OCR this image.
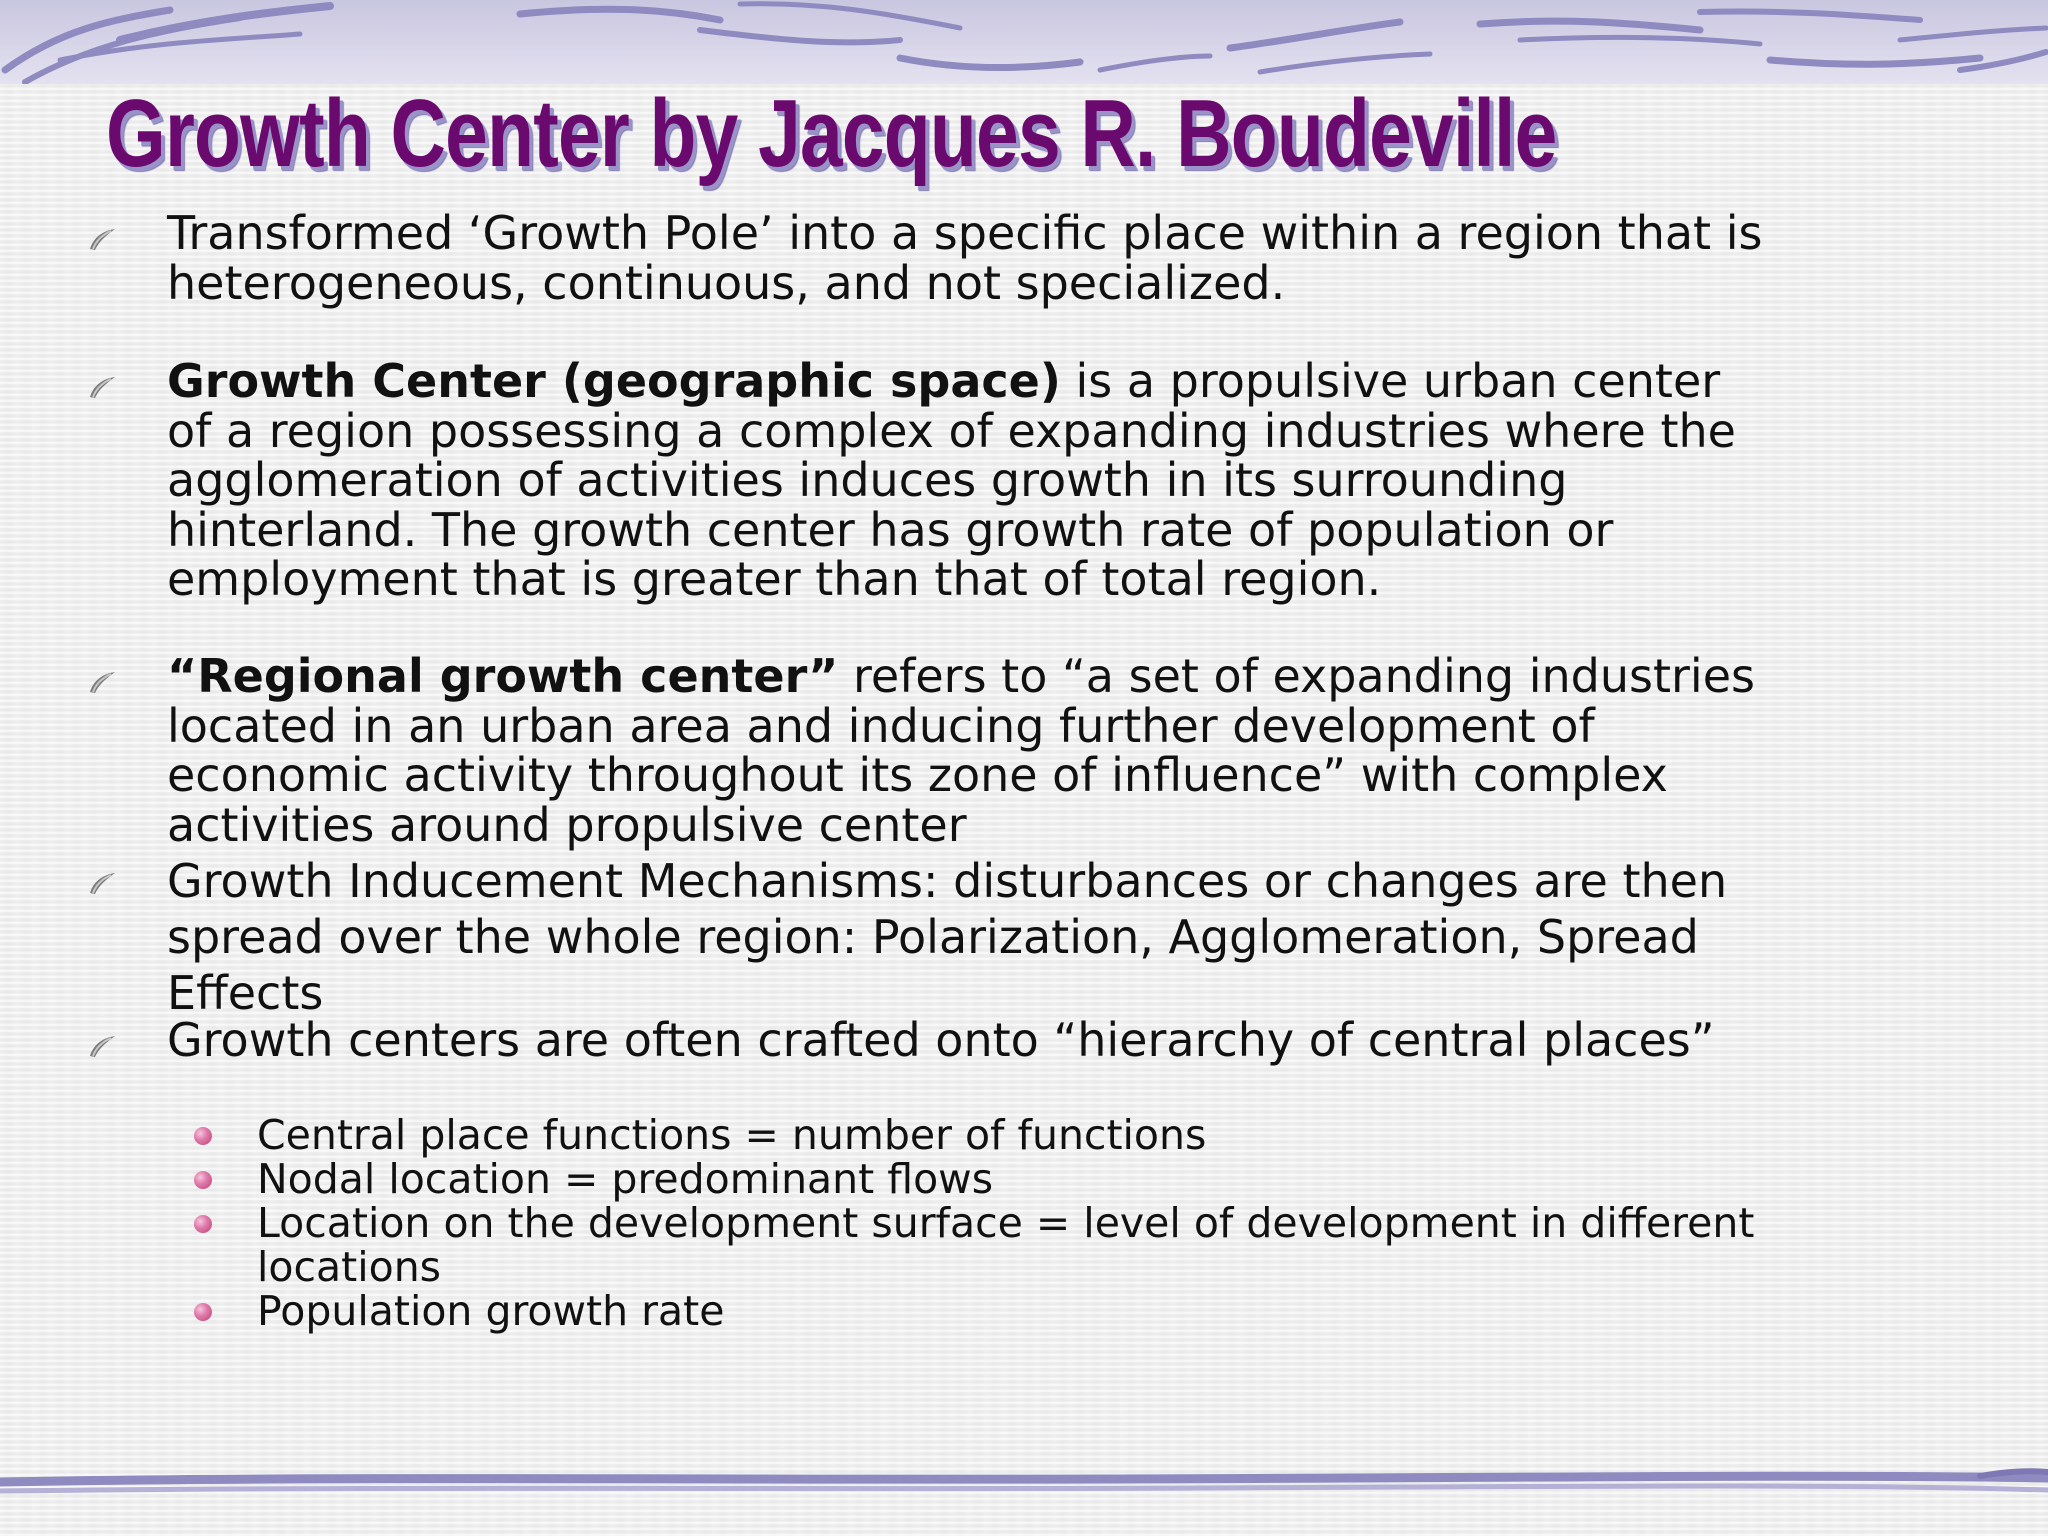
Growth Center by Jacques R. Boudeville
Transformed ‘Growth Pole’ into a specific place within a region that is heterogeneous, continuous, and not specialized.
Growth Center (geographic space) is a propulsive urban center of a region possessing a complex of expanding industries where the agglomeration of activities induces growth in its surrounding hinterland. The growth center has growth rate of population or employment that is greater than that of total region.
“Regional growth center” refers to “a set of expanding industries located in an urban area and inducing further development of economic activity throughout its zone of influence” with complex activities around propulsive center
Growth Inducement Mechanisms: disturbances or changes are then spread over the whole region: Polarization, Agglomeration, Spread Effects
Growth centers are often crafted onto “hierarchy of central places”
Central place functions = number of functions
Nodal location = predominant flows
Location on the development surface = level of development in different locations
Population growth rate
